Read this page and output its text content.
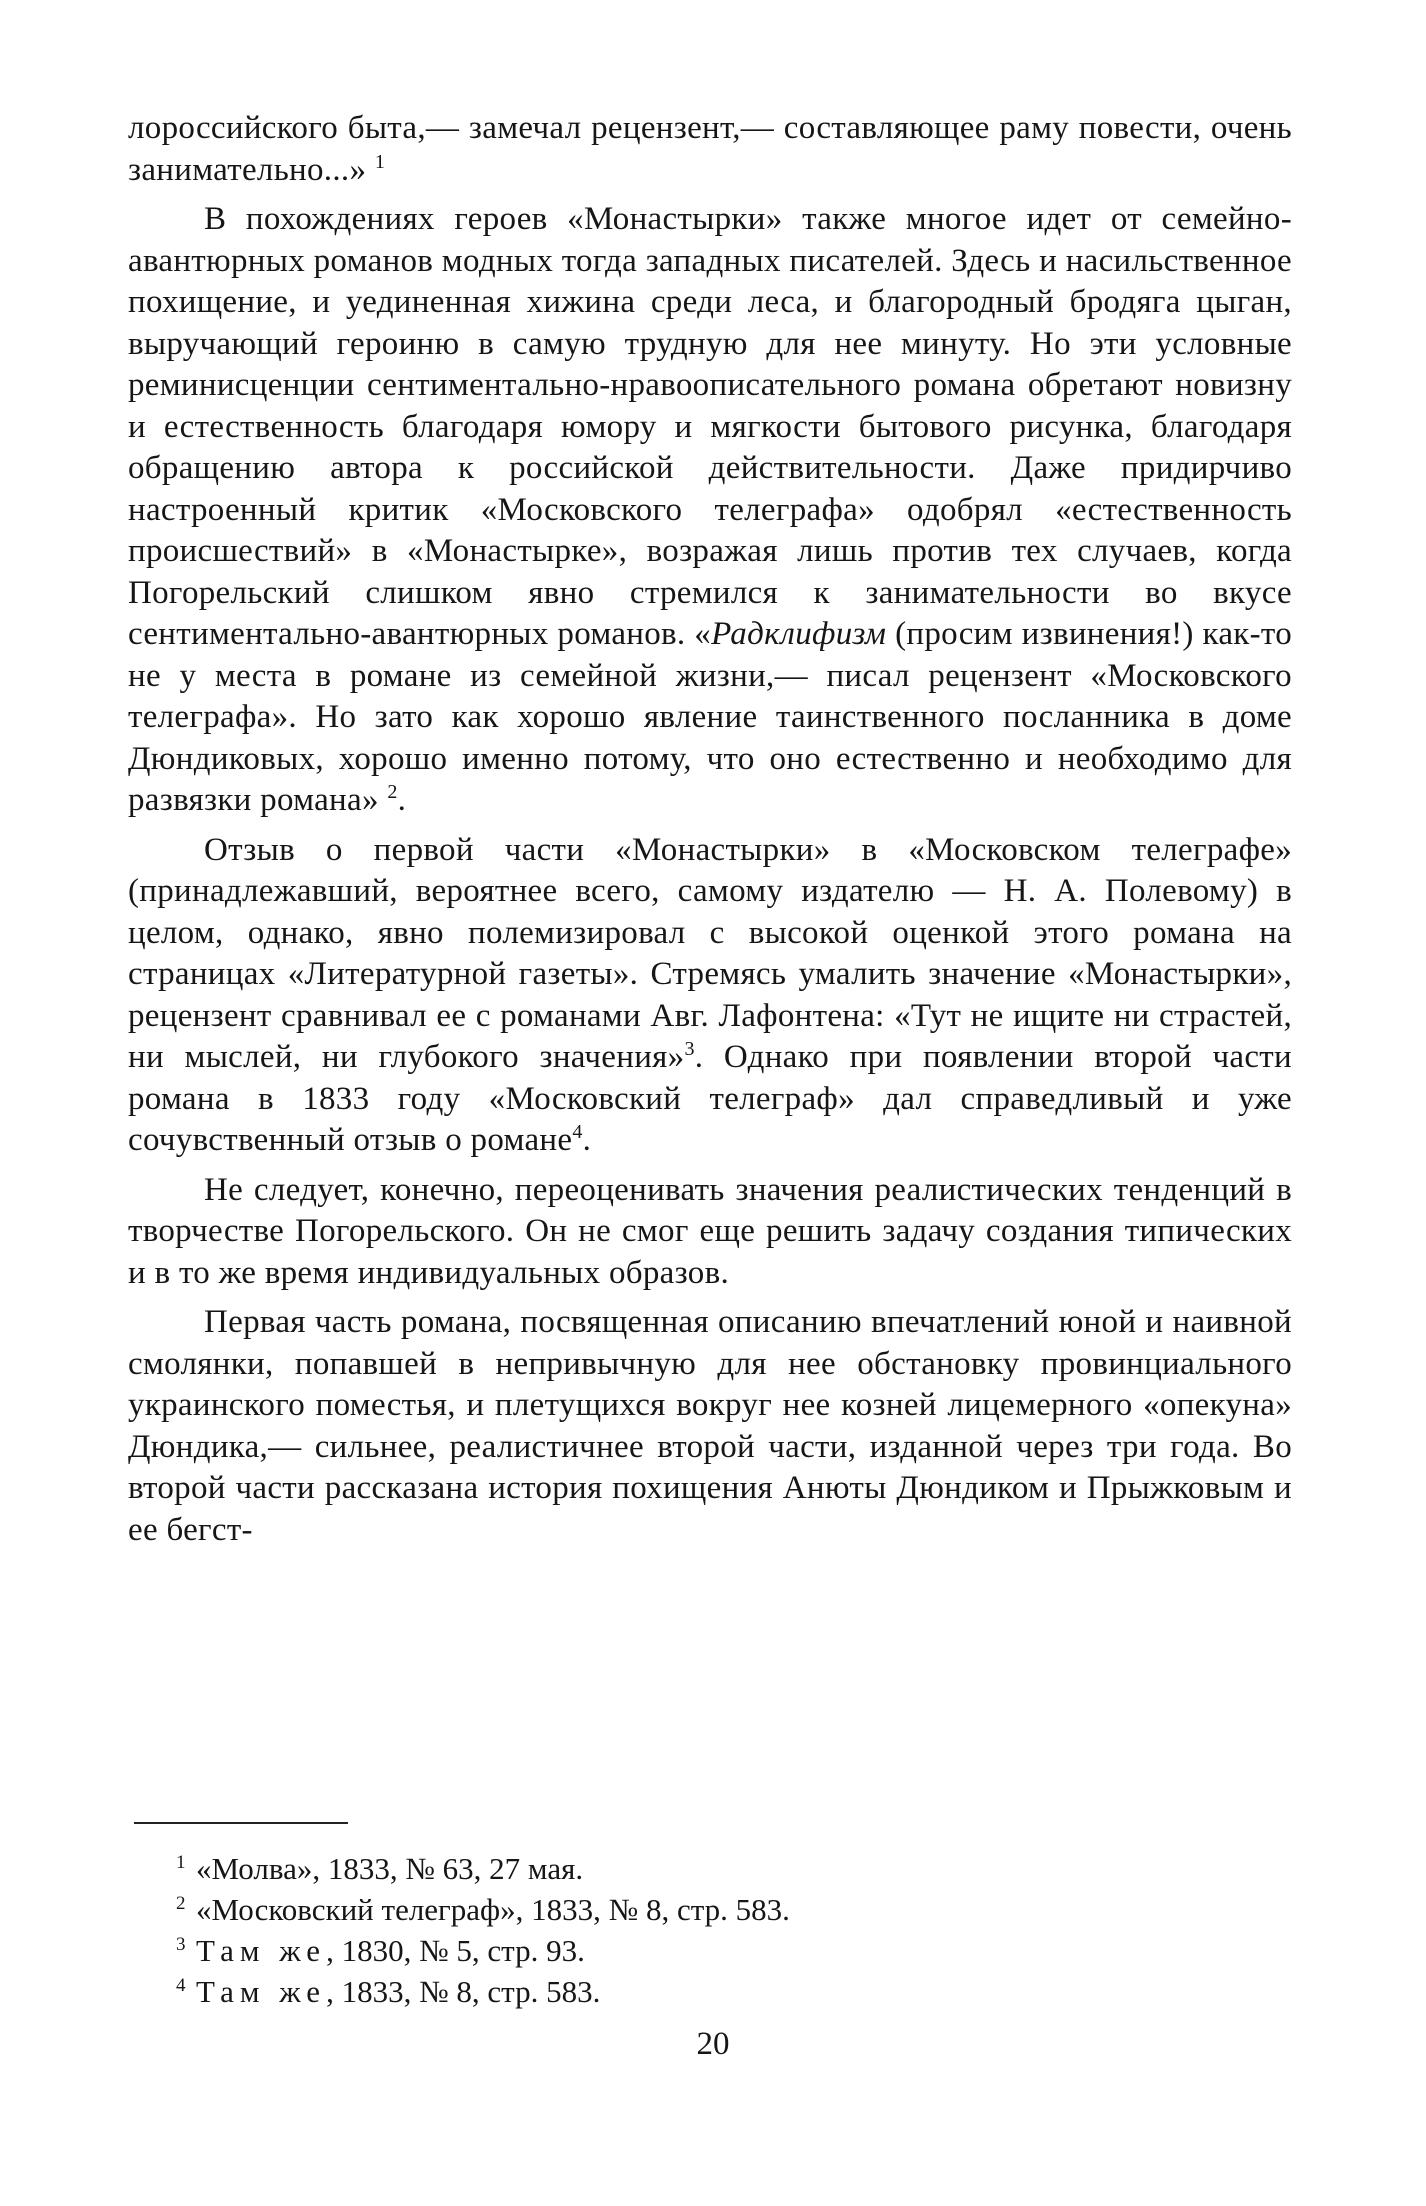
лороссийского быта,— замечал рецензент,— составляющее раму повести, очень занимательно...» $^1$

В похождениях героев «Монастырки» также многое идет от семейно-авантюрных романов модных тогда западных писателей. Здесь и насильственное похищение, и уединенная хижина среди леса, и благородный бродяга цыган, выручающий героиню в самую трудную для нее минуту. Но эти условные реминисценции сентиментально-нравоописательного романа обретают новизну и естественность благодаря юмору и мягкости бытового рисунка, благодаря обращению автора к российской действительности. Даже придирчиво настроенный критик «Московского телеграфа» одобрял «естественность происшествий» в «Монастырке», возражая лишь против тех случаев, когда Погорельский слишком явно стремился к занимательности во вкусе сентиментально-авантюрных романов. «Радклифизм (просим извинения!) как-то не у места в романе из семейной жизни,— писал рецензент «Московского телеграфа». Но зато как хорошо явление таинственного посланника в доме Дюндиковых, хорошо именно потому, что оно естественно и необходимо для развязки романа» $^2$.

Отзыв о первой части «Монастырки» в «Московском телеграфе» (принадлежавший, вероятнее всего, самому издателю — Н. А. Полевому) в целом, однако, явно полемизировал с высокой оценкой этого романа на страницах «Литературной газеты». Стремясь умалить значение «Монастырки», рецензент сравнивал ее с романами Авг. Лафонтена: «Тут не ищите ни страстей, ни мыслей, ни глубокого значения»$^3$. Однако при появлении второй части романа в 1833 году «Московский телеграф» дал справедливый и уже сочувственный отзыв о романе$^4$.

Не следует, конечно, переоценивать значения реалистических тенденций в творчестве Погорельского. Он не смог еще решить задачу создания типических и в то же время индивидуальных образов.

Первая часть романа, посвященная описанию впечатлений юной и наивной смолянки, попавшей в непривычную для нее обстановку провинциального украинского поместья, и плетущихся вокруг нее козней лицемерного «опекуна» Дюндика,— сильнее, реалистичнее второй части, изданной через три года. Во второй части рассказана история похищения Анюты Дюндиком и Прыжковым и ее бегст-

1 «Молва», 1833, № 63, 27 мая.
2 «Московский телеграф», 1833, № 8, стр. 583.
3 Там же, 1830, № 5, стр. 93.
4 Там же, 1833, № 8, стр. 583.
20
